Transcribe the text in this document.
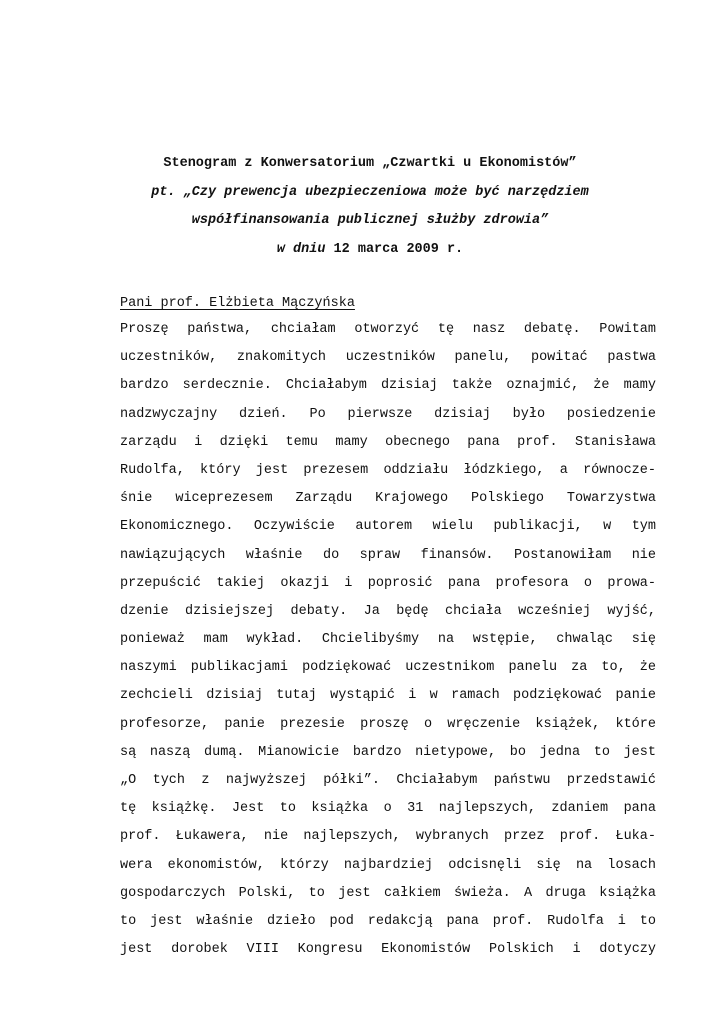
Stenogram z Konwersatorium „Czwartki u Ekonomistów”
pt. „Czy prewencja ubezpieczeniowa może być narzędziem
współfinansowania publicznej służby zdrowia”
w dniu 12 marca 2009 r.
Pani prof. Elżbieta Mączyńska
Proszę państwa, chciałam otworzyć tę nasz debatę. Powitam
uczestników, znakomitych uczestników panelu, powitać pastwa
bardzo serdecznie. Chciałabym dzisiaj także oznajmić, że mamy
nadzwyczajny dzień. Po pierwsze dzisiaj było posiedzenie
zarządu i dzięki temu mamy obecnego pana prof. Stanisława
Rudolfa, który jest prezesem oddziału łódzkiego, a równocze-
śnie wiceprezesem Zarządu Krajowego Polskiego Towarzystwa
Ekonomicznego. Oczywiście autorem wielu publikacji, w tym
nawiązujących właśnie do spraw finansów. Postanowiłam nie
przepuścić takiej okazji i poprosić pana profesora o prowa-
dzenie dzisiejszej debaty. Ja będę chciała wcześniej wyjść,
ponieważ mam wykład. Chcielibyśmy na wstępie, chwaląc się
naszymi publikacjami podziękować uczestnikom panelu za to, że
zechcieli dzisiaj tutaj wystąpić i w ramach podziękować panie
profesorze, panie prezesie proszę o wręczenie książek, które
są naszą dumą. Mianowicie bardzo nietypowe, bo jedna to jest
„O tych z najwyższej półki”. Chciałabym państwu przedstawić
tę książkę. Jest to książka o 31 najlepszych, zdaniem pana
prof. Łukawera, nie najlepszych, wybranych przez prof. Łuka-
wera ekonomistów, którzy najbardziej odcisnęli się na losach
gospodarczych Polski, to jest całkiem świeża. A druga książka
to jest właśnie dzieło pod redakcją pana prof. Rudolfa i to
jest dorobek VIII Kongresu Ekonomistów Polskich i dotyczy
